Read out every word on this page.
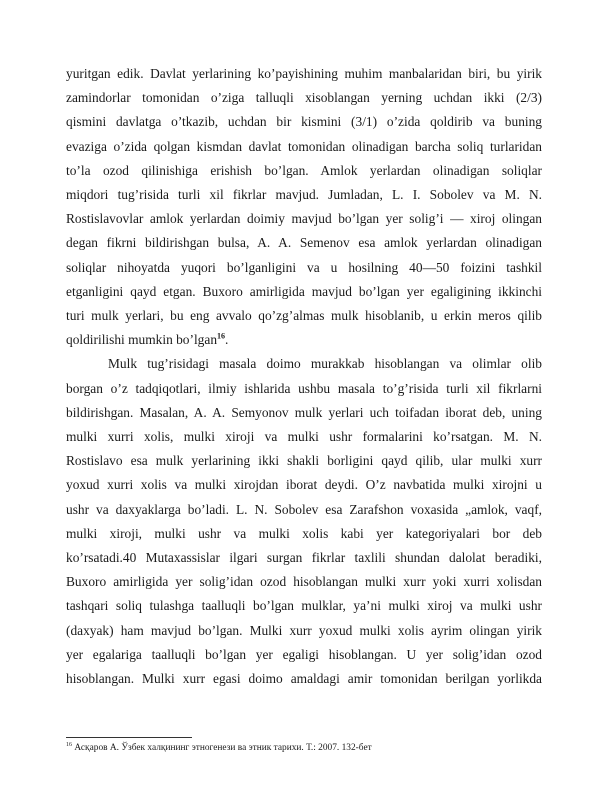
yuritgan edik. Davlat yerlarining ko’payishining muhim manbalaridan biri, bu yirik
zamindorlar tomonidan o’ziga talluqli xisoblangan yerning uchdan ikki (2/3)
qismini davlatga o’tkazib, uchdan bir kismini (3/1) o’zida qoldirib va buning
evaziga o’zida qolgan kismdan davlat tomonidan olinadigan barcha soliq turlaridan
to’la ozod qilinishiga erishish bo’lgan. Amlok yerlardan olinadigan soliqlar
miqdori tug’risida turli xil fikrlar mavjud. Jumladan, L. I. Sobolev va M. N.
Rostislavovlar amlok yerlardan doimiy mavjud bo’lgan yer solig’i — xiroj olingan
degan fikrni bildirishgan bulsa, A. A. Semenov esa amlok yerlardan olinadigan
soliqlar nihoyatda yuqori bo’lganligini va u hosilning 40—50 foizini tashkil
etganligini qayd etgan. Buxoro amirligida mavjud bo’lgan yer egaligining ikkinchi
turi mulk yerlari, bu eng avvalo qo’zg’almas mulk hisoblanib, u erkin meros qilib
qoldirilishi mumkin bo’lgan$^{16}$.

Mulk tug’risidagi masala doimo murakkab hisoblangan va olimlar olib
borgan o’z tadqiqotlari, ilmiy ishlarida ushbu masala to’g’risida turli xil fikrlarni
bildirishgan. Masalan, A. A. Semyonov mulk yerlari uch toifadan iborat deb, uning
mulki xurri xolis, mulki xiroji va mulki ushr formalarini ko’rsatgan. M. N.
Rostislavo esa mulk yerlarining ikki shakli borligini qayd qilib, ular mulki xurr
yoxud xurri xolis va mulki xirojdan iborat deydi. O’z navbatida mulki xirojni u
ushr va daxyaklarga bo’ladi. L. N. Sobolev esa Zarafshon voxasida „amlok, vaqf,
mulki xiroji, mulki ushr va mulki xolis kabi yer kategoriyalari bor deb
ko’rsatadi.40 Mutaxassislar ilgari surgan fikrlar taxlili shundan dalolat beradiki,
Buxoro amirligida yer solig’idan ozod hisoblangan mulki xurr yoki xurri xolisdan
tashqari soliq tulashga taalluqli bo’lgan mulklar, ya’ni mulki xiroj va mulki ushr
(daxyak) ham mavjud bo’lgan. Mulki xurr yoxud mulki xolis ayrim olingan yirik
yer egalariga taalluqli bo’lgan yer egaligi hisoblangan. U yer solig’idan ozod
hisoblangan. Mulki xurr egasi doimo amaldagi amir tomonidan berilgan yorlikda

$^{16}$ Асқаров А. Ўзбек халқининг этногенези ва этник тарихи. Т.: 2007. 132-бет
